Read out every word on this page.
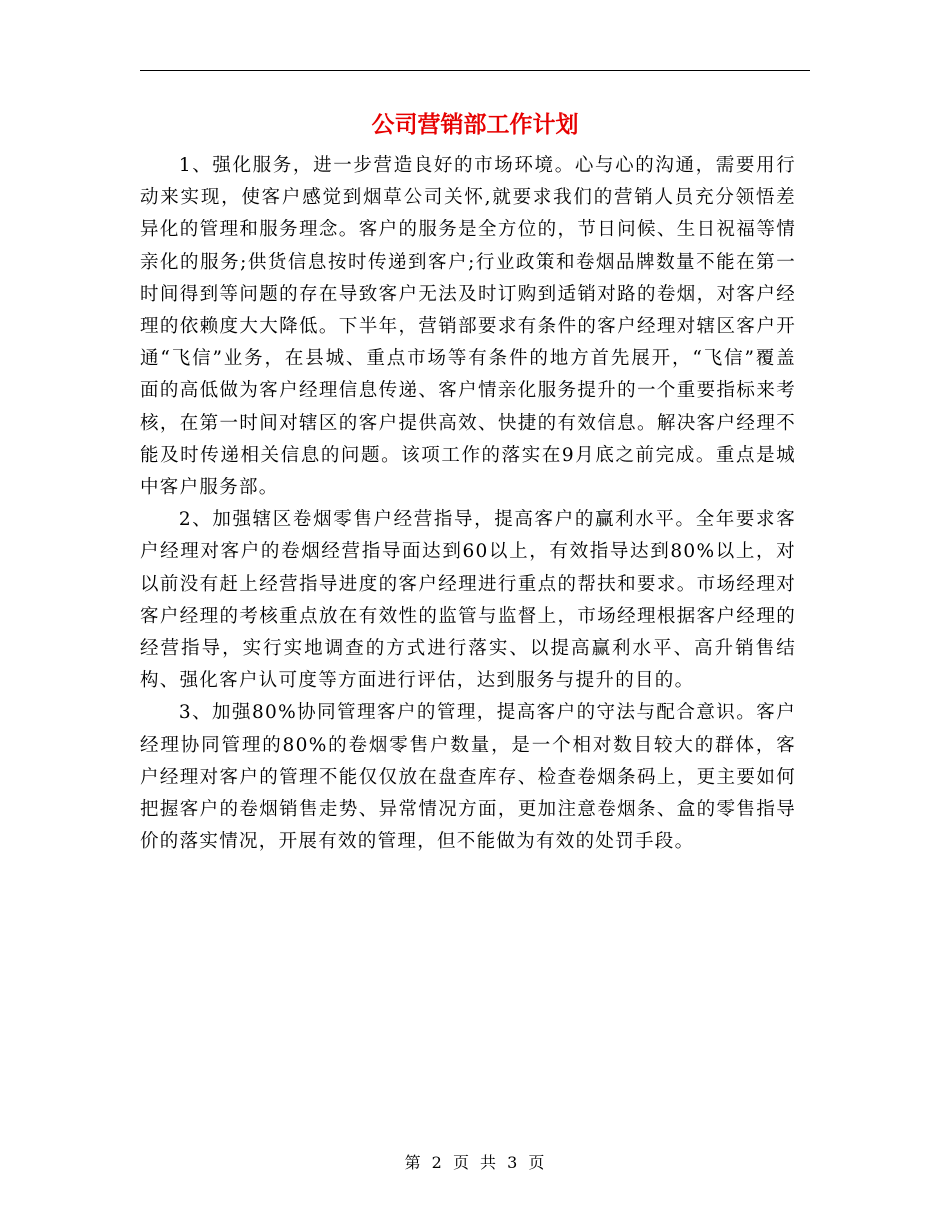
公司营销部工作计划

1、强化服务，进一步营造良好的市场环境。心与心的沟通，需要用行动来实现，使客户感觉到烟草公司关怀,就要求我们的营销人员充分领悟差异化的管理和服务理念。客户的服务是全方位的，节日问候、生日祝福等情亲化的服务;供货信息按时传递到客户;行业政策和卷烟品牌数量不能在第一时间得到等问题的存在导致客户无法及时订购到适销对路的卷烟，对客户经理的依赖度大大降低。下半年，营销部要求有条件的客户经理对辖区客户开通“飞信”业务，在县城、重点市场等有条件的地方首先展开，“飞信”覆盖面的高低做为客户经理信息传递、客户情亲化服务提升的一个重要指标来考核，在第一时间对辖区的客户提供高效、快捷的有效信息。解决客户经理不能及时传递相关信息的问题。该项工作的落实在9月底之前完成。重点是城中客户服务部。

2、加强辖区卷烟零售户经营指导，提高客户的赢利水平。全年要求客户经理对客户的卷烟经营指导面达到60以上，有效指导达到80%以上，对以前没有赶上经营指导进度的客户经理进行重点的帮扶和要求。市场经理对客户经理的考核重点放在有效性的监管与监督上，市场经理根据客户经理的经营指导，实行实地调查的方式进行落实、以提高赢利水平、高升销售结构、强化客户认可度等方面进行评估，达到服务与提升的目的。

3、加强80%协同管理客户的管理，提高客户的守法与配合意识。客户经理协同管理的80%的卷烟零售户数量，是一个相对数目较大的群体，客户经理对客户的管理不能仅仅放在盘查库存、检查卷烟条码上，更主要如何把握客户的卷烟销售走势、异常情况方面，更加注意卷烟条、盒的零售指导价的落实情况，开展有效的管理，但不能做为有效的处罚手段。

第 2 页 共 3 页
